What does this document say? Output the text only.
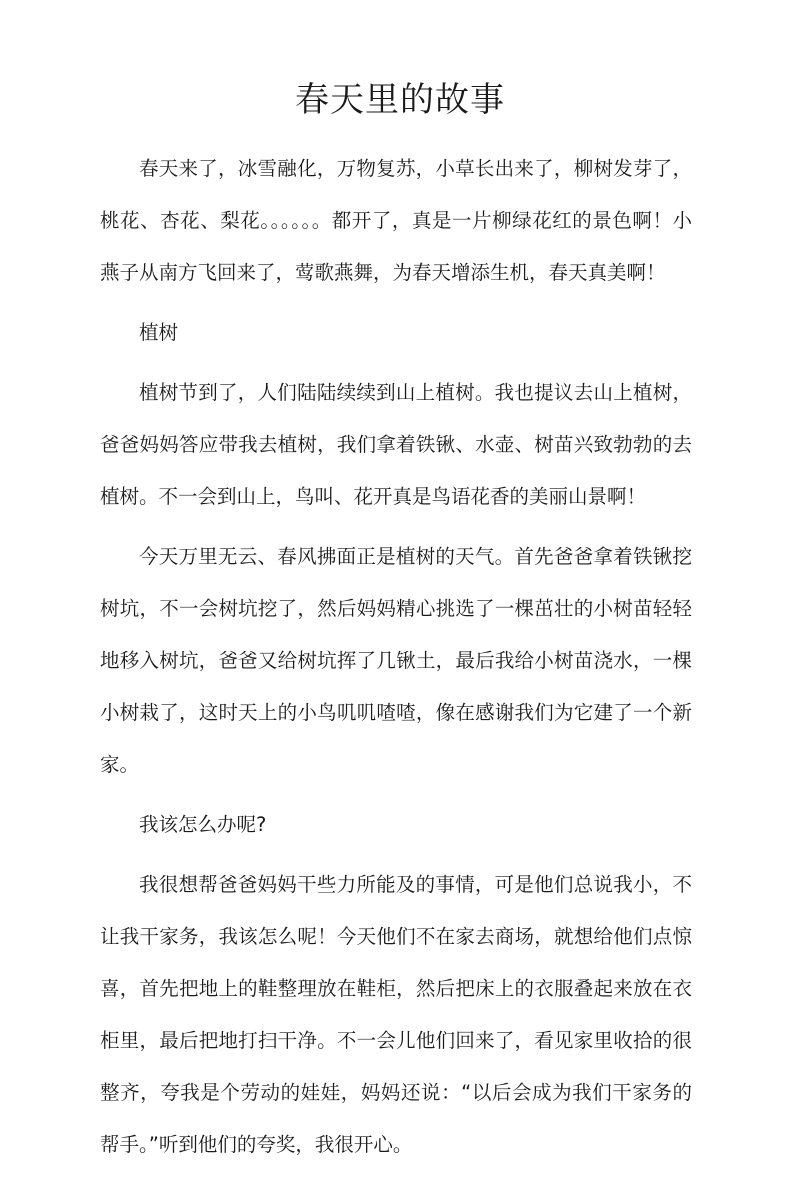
春天里的故事

春天来了，冰雪融化，万物复苏，小草长出来了，柳树发芽了，桃花、杏花、梨花。。。。。。都开了，真是一片柳绿花红的景色啊！小燕子从南方飞回来了，莺歌燕舞，为春天增添生机，春天真美啊！

植树

植树节到了，人们陆陆续续到山上植树。我也提议去山上植树，爸爸妈妈答应带我去植树，我们拿着铁锹、水壶、树苗兴致勃勃的去植树。不一会到山上，鸟叫、花开真是鸟语花香的美丽山景啊！

今天万里无云、春风拂面正是植树的天气。首先爸爸拿着铁锹挖树坑，不一会树坑挖了，然后妈妈精心挑选了一棵茁壮的小树苗轻轻地移入树坑，爸爸又给树坑挥了几锹土，最后我给小树苗浇水，一棵小树栽了，这时天上的小鸟叽叽喳喳，像在感谢我们为它建了一个新家。

我该怎么办呢?

我很想帮爸爸妈妈干些力所能及的事情，可是他们总说我小，不让我干家务，我该怎么呢！今天他们不在家去商场，就想给他们点惊喜，首先把地上的鞋整理放在鞋柜，然后把床上的衣服叠起来放在衣柜里，最后把地打扫干净。不一会儿他们回来了，看见家里收拾的很整齐，夸我是个劳动的娃娃，妈妈还说：“以后会成为我们干家务的帮手。”听到他们的夸奖，我很开心。
